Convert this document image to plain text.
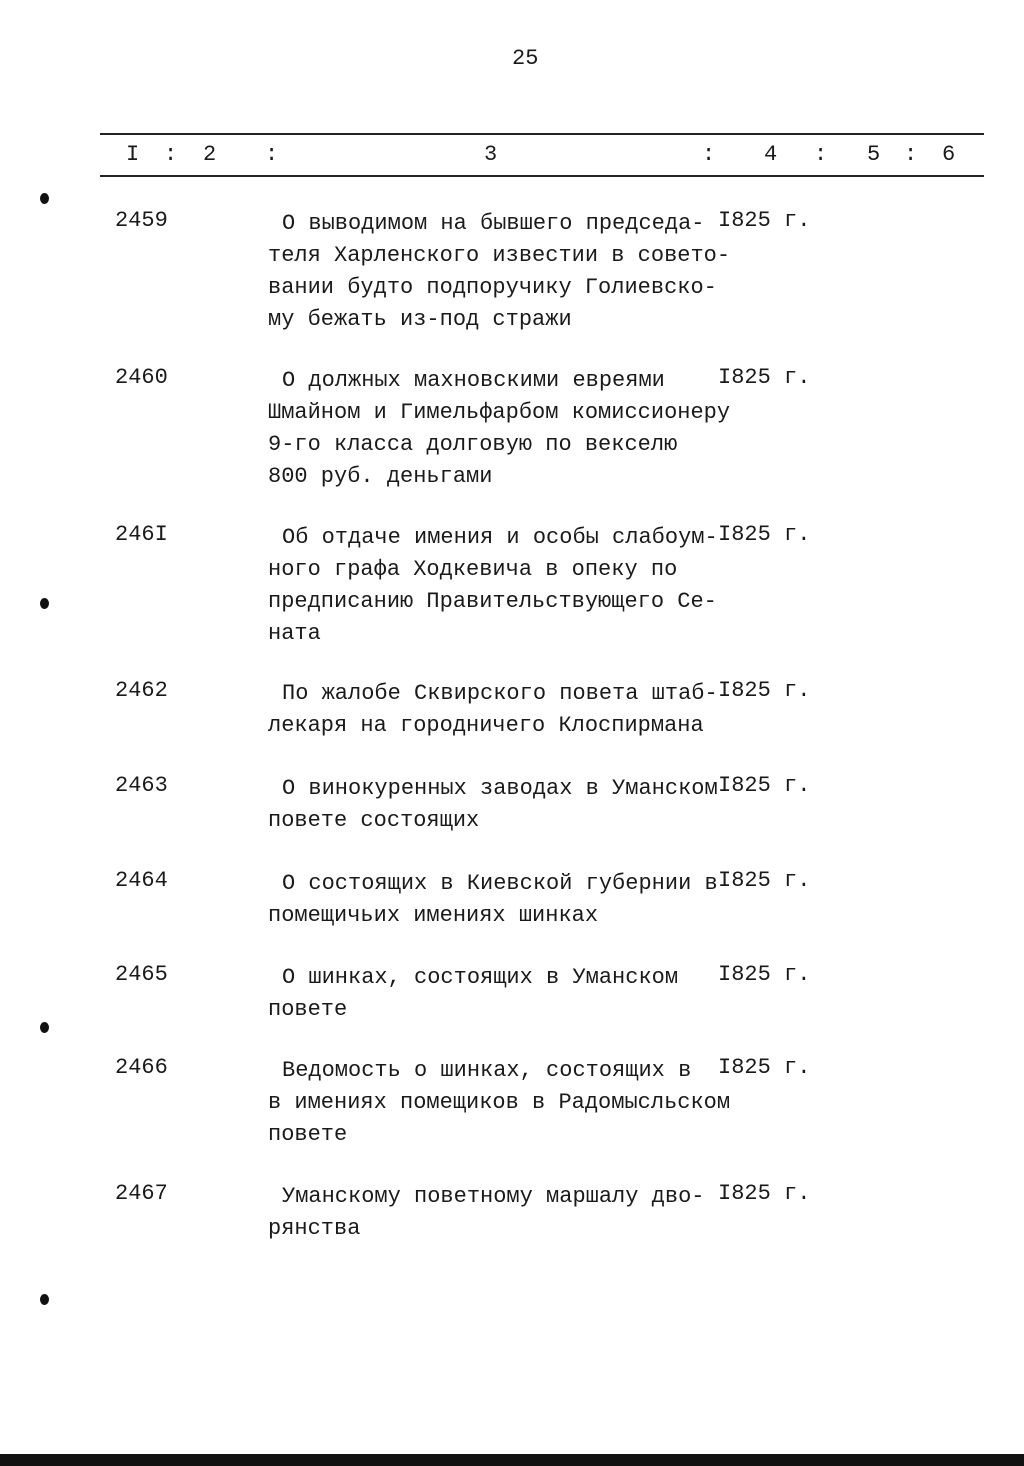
25
I : 2 :	3	: 4 : 5 : 6
2459	О выводимом на бывшего председа-
теля Харленского известии в совето-
вании будто подпоручику Голиевско-
му бежать из-под стражи
I825 г.
2460	О должных махновскими евреями
Шмайном и Гимельфарбом комиссионеру
9-го класса долговую по векселю
800 руб. деньгами
I825 г.
246I	Об отдаче имения и особы слабоум-
ного графа Ходкевича в опеку по
предписанию Правительствующего Се-
ната
I825 г.
2462	По жалобе Сквирского повета штаб-
лекаря на городничего Клоспирмана
I825 г.
2463	О винокуренных заводах в Уманском
повете состоящих
I825 г.
2464	О состоящих в Киевской губернии в
помещичьих имениях шинках
I825 г.
2465	О шинках, состоящих в Уманском
повете
I825 г.
2466	Ведомость о шинках, состоящих в
в имениях помещиков в Радомысльском
повете
I825 г.
2467	Уманскому поветному маршалу дво-
рянства
I825 г.
